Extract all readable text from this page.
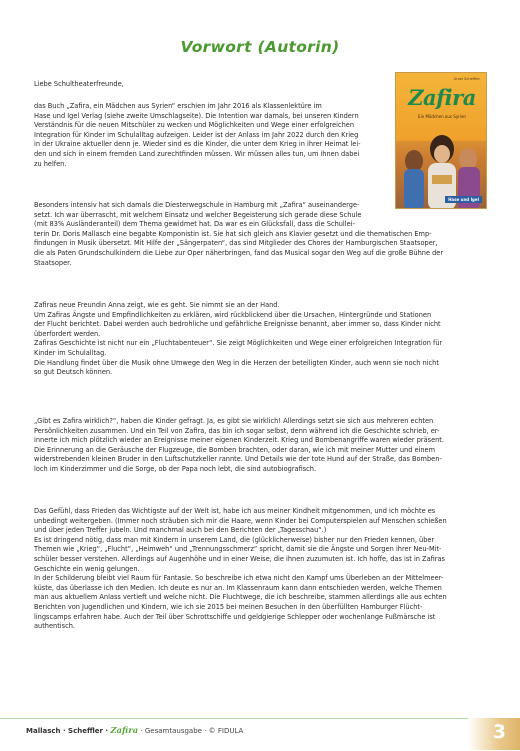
Vorwort (Autorin)
Ursel Scheffler
Zafira
Ein Mädchen aus Syrien
Hase und Igel
Liebe Schultheaterfreunde,
das Buch „Zafira, ein Mädchen aus Syrien“ erschien im Jahr 2016 als Klassenlektüre im
Hase und Igel Verlag (siehe zweite Umschlagseite). Die Intention war damals, bei unseren Kindern
Verständnis für die neuen Mitschüler zu wecken und Möglichkeiten und Wege einer erfolgreichen
Integration für Kinder im Schulalltag aufzeigen. Leider ist der Anlass im Jahr 2022 durch den Krieg
in der Ukraine aktueller denn je. Wieder sind es die Kinder, die unter dem Krieg in ihrer Heimat lei-
den und sich in einem fremden Land zurechtfinden müssen. Wir müssen alles tun, um ihnen dabei
zu helfen.
Besonders intensiv hat sich damals die Diesterwegschule in Hamburg mit „Zafira“ auseinanderge-
setzt. Ich war überrascht, mit welchem Einsatz und welcher Begeisterung sich gerade diese Schule
(mit 83% Ausländeranteil) dem Thema gewidmet hat. Da war es ein Glücksfall, dass die Schullei-
terin Dr. Doris Mallasch eine begabte Komponistin ist. Sie hat sich gleich ans Klavier gesetzt und die thematischen Emp-
findungen in Musik übersetzt. Mit Hilfe der „Sängerpaten“, das sind Mitglieder des Chores der Hamburgischen Staatsoper,
die als Paten Grundschulkindern die Liebe zur Oper näherbringen, fand das Musical sogar den Weg auf die große Bühne der
Staatsoper.
Zafiras neue Freundin Anna zeigt, wie es geht. Sie nimmt sie an der Hand.
Um Zafiras Ängste und Empfindlichkeiten zu erklären, wird rückblickend über die Ursachen, Hintergründe und Stationen
der Flucht berichtet. Dabei werden auch bedrohliche und gefährliche Ereignisse benannt, aber immer so, dass Kinder nicht
überfordert werden.
Zafiras Geschichte ist nicht nur ein „Fluchtabenteuer“. Sie zeigt Möglichkeiten und Wege einer erfolgreichen Integration für
Kinder im Schulalltag.
Die Handlung findet über die Musik ohne Umwege den Weg in die Herzen der beteiligten Kinder, auch wenn sie noch nicht
so gut Deutsch können.
„Gibt es Zafira wirklich?“, haben die Kinder gefragt. Ja, es gibt sie wirklich! Allerdings setzt sie sich aus mehreren echten
Persönlichkeiten zusammen. Und ein Teil von Zafira, das bin ich sogar selbst, denn während ich die Geschichte schrieb, er-
innerte ich mich plötzlich wieder an Ereignisse meiner eigenen Kinderzeit. Krieg und Bombenangriffe waren wieder präsent.
Die Erinnerung an die Geräusche der Flugzeuge, die Bomben brachten, oder daran, wie ich mit meiner Mutter und einem
widerstrebenden kleinen Bruder in den Luftschutzkeller rannte. Und Details wie der tote Hund auf der Straße, das Bomben-
loch im Kinderzimmer und die Sorge, ob der Papa noch lebt, die sind autobiografisch.
Das Gefühl, dass Frieden das Wichtigste auf der Welt ist, habe ich aus meiner Kindheit mitgenommen, und ich möchte es
unbedingt weitergeben. (Immer noch sträuben sich mir die Haare, wenn Kinder bei Computerspielen auf Menschen schießen
und über jeden Treffer jubeln. Und manchmal auch bei den Berichten der „Tagesschau“.)
Es ist dringend nötig, dass man mit Kindern in unserem Land, die (glücklicherweise) bisher nur den Frieden kennen, über
Themen wie „Krieg“, „Flucht“, „Heimweh“ und „Trennungsschmerz“ spricht, damit sie die Ängste und Sorgen ihrer Neu-Mit-
schüler besser verstehen. Allerdings auf Augenhöhe und in einer Weise, die ihnen zuzumuten ist. Ich hoffe, das ist in Zafiras
Geschichte ein wenig gelungen.
In der Schilderung bleibt viel Raum für Fantasie. So beschreibe ich etwa nicht den Kampf ums Überleben an der Mittelmeer-
küste, das überlasse ich den Medien. Ich deute es nur an. Im Klassenraum kann dann entschieden werden, welche Themen
man aus aktuellem Anlass vertieft und welche nicht. Die Fluchtwege, die ich beschreibe, stammen allerdings alle aus echten
Berichten von Jugendlichen und Kindern, wie ich sie 2015 bei meinen Besuchen in den überfüllten Hamburger Flücht-
lingscamps erfahren habe. Auch der Teil über Schrottschiffe und geldgierige Schlepper oder wochenlange Fußmärsche ist
authentisch.
Mallasch · Scheffler · Zafira · Gesamtausgabe · © FIDULA	3
